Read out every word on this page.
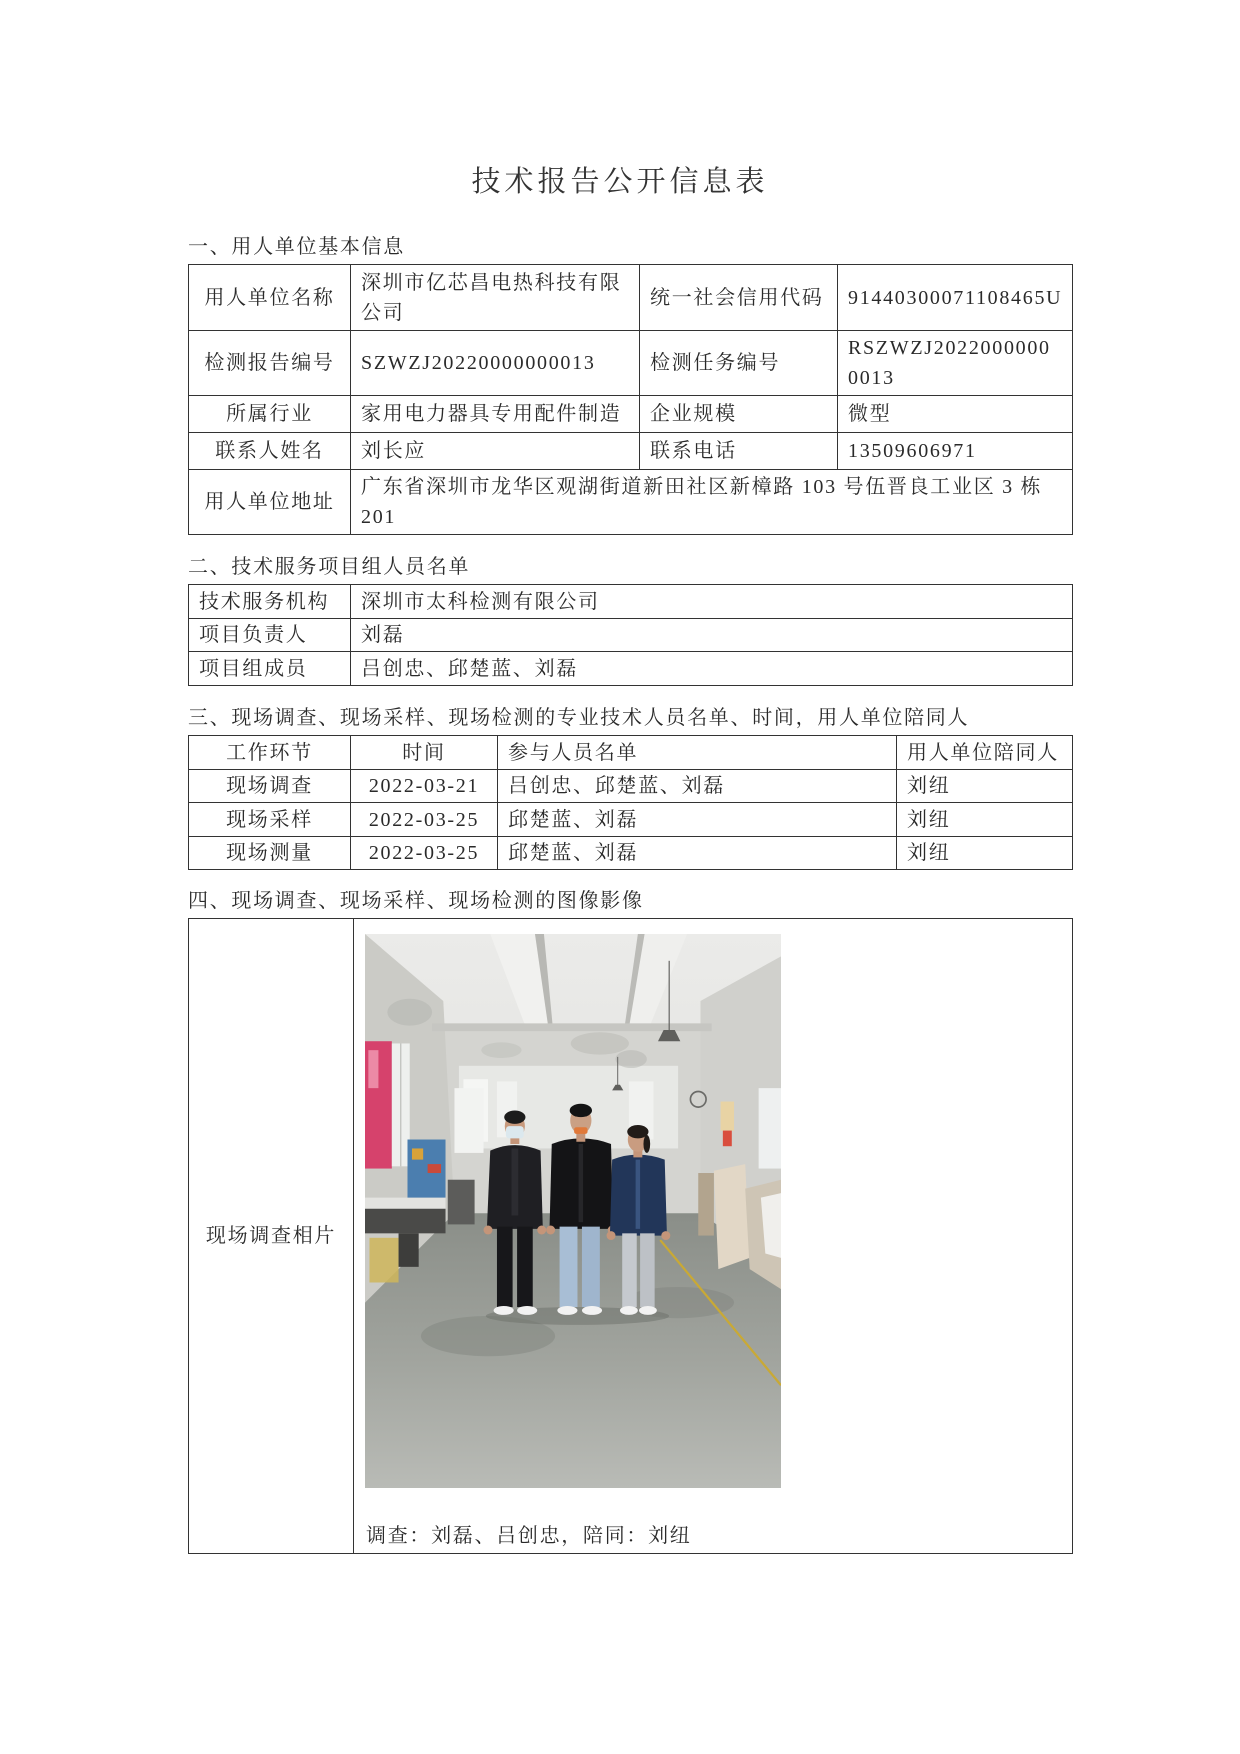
技术报告公开信息表
一、用人单位基本信息
用人单位名称	深圳市亿芯昌电热科技有限公司	统一社会信用代码	91440300071108465U
检测报告编号	SZWZJ20220000000013	检测任务编号	RSZWZJ20220000000013
所属行业	家用电力器具专用配件制造	企业规模	微型
联系人姓名	刘长应	联系电话	13509606971
用人单位地址	广东省深圳市龙华区观湖街道新田社区新樟路 103 号伍晋良工业区 3 栋 201		
二、技术服务项目组人员名单
技术服务机构	深圳市太科检测有限公司
项目负责人	刘磊
项目组成员	吕创忠、邱楚蓝、刘磊
三、现场调查、现场采样、现场检测的专业技术人员名单、时间，用人单位陪同人
工作环节	时间	参与人员名单	用人单位陪同人
现场调查	2022-03-21	吕创忠、邱楚蓝、刘磊	刘纽
现场采样	2022-03-25	邱楚蓝、刘磊	刘纽
现场测量	2022-03-25	邱楚蓝、刘磊	刘纽
四、现场调查、现场采样、现场检测的图像影像
现场调查相片	
调查：刘磊、吕创忠，陪同：刘纽
